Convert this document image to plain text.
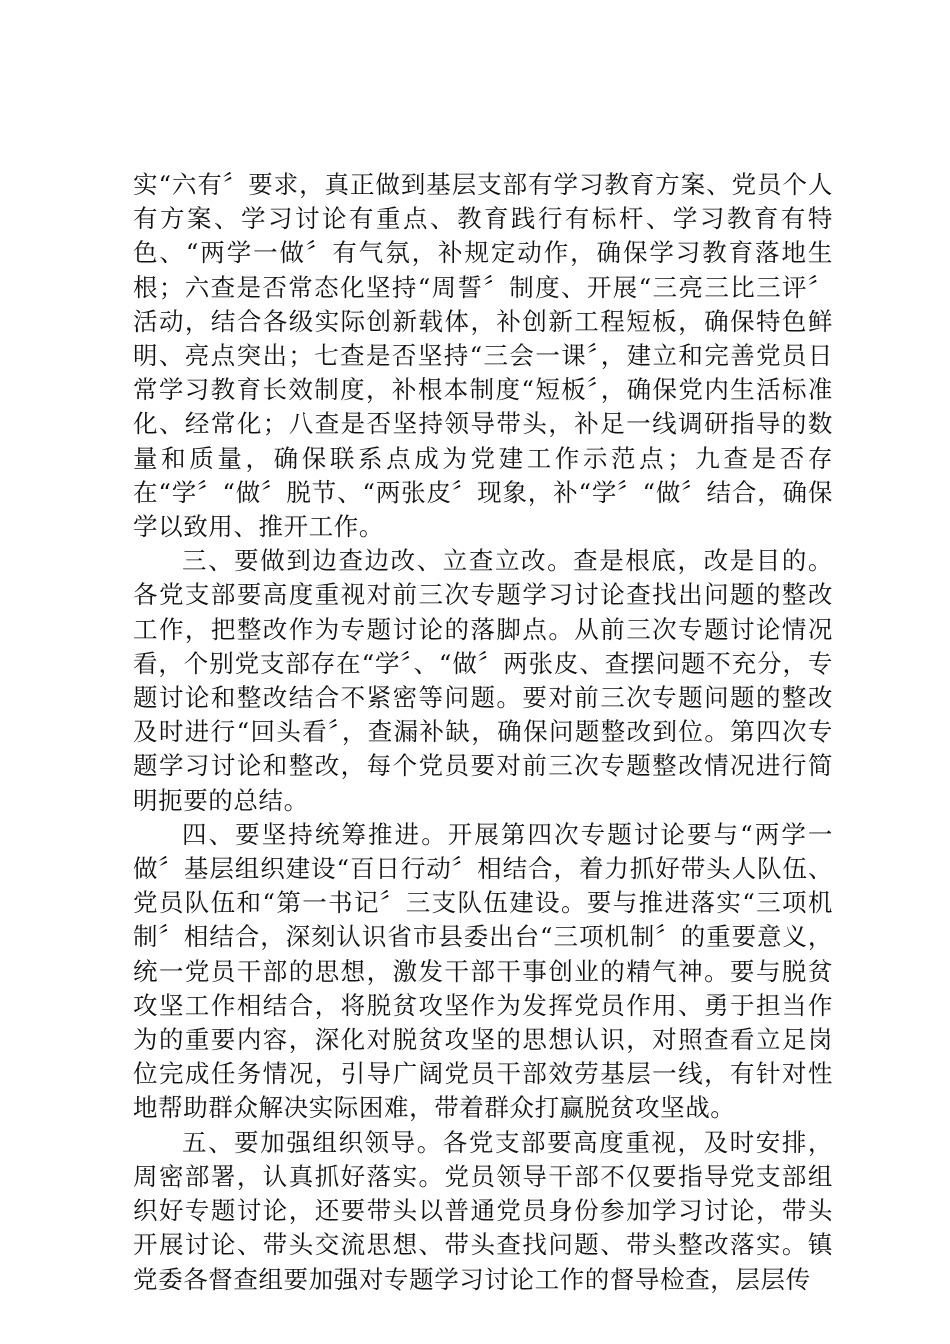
实“六有〞要求，真正做到基层支部有学习教育方案、党员个人有方案、学习讨论有重点、教育践行有标杆、学习教育有特色、“两学一做〞有气氛，补规定动作，确保学习教育落地生根；六查是否常态化坚持“周誓〞制度、开展“三亮三比三评〞活动，结合各级实际创新载体，补创新工程短板，确保特色鲜明、亮点突出；七查是否坚持“三会一课〞，建立和完善党员日常学习教育长效制度，补根本制度“短板〞，确保党内生活标准化、经常化；八查是否坚持领导带头，补足一线调研指导的数量和质量，确保联系点成为党建工作示范点；九查是否存在“学〞“做〞脱节、“两张皮〞现象，补“学〞“做〞结合，确保学以致用、推开工作。

三、要做到边查边改、立查立改。查是根底，改是目的。各党支部要高度重视对前三次专题学习讨论查找出问题的整改工作，把整改作为专题讨论的落脚点。从前三次专题讨论情况看，个别党支部存在“学〞、“做〞两张皮、查摆问题不充分，专题讨论和整改结合不紧密等问题。要对前三次专题问题的整改及时进行“回头看〞，查漏补缺，确保问题整改到位。第四次专题学习讨论和整改，每个党员要对前三次专题整改情况进行简明扼要的总结。

四、要坚持统筹推进。开展第四次专题讨论要与“两学一做〞基层组织建设“百日行动〞相结合，着力抓好带头人队伍、党员队伍和“第一书记〞三支队伍建设。要与推进落实“三项机制〞相结合，深刻认识省市县委出台“三项机制〞的重要意义，统一党员干部的思想，激发干部干事创业的精气神。要与脱贫攻坚工作相结合，将脱贫攻坚作为发挥党员作用、勇于担当作为的重要内容，深化对脱贫攻坚的思想认识，对照查看立足岗位完成任务情况，引导广阔党员干部效劳基层一线，有针对性地帮助群众解决实际困难，带着群众打赢脱贫攻坚战。

五、要加强组织领导。各党支部要高度重视，及时安排，周密部署，认真抓好落实。党员领导干部不仅要指导党支部组织好专题讨论，还要带头以普通党员身份参加学习讨论，带头开展讨论、带头交流思想、带头查找问题、带头整改落实。镇党委各督查组要加强对专题学习讨论工作的督导检查，层层传
